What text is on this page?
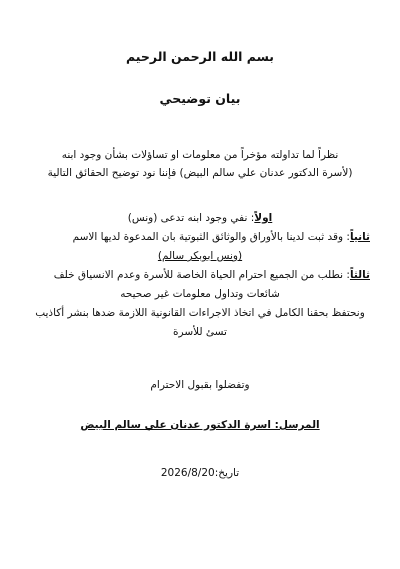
بسم الله الرحمن الرحيم
بيان توضيحي
نظراً لما تداولته مؤخراً من معلومات او تساؤلات بشأن وجود ابنه
(لأسرة الدكتور عدنان علي سالم البيض) فإننا نود توضيح الحقائق التالية
اولاً: نفي وجود ابنه تدعى (ونس)
ثانياً: وقد ثبت لدينا بالأوراق والوثائق الثبوتية بان المدعوة لديها الاسم
(ونس ابوبكر سالم)
ثالثاً: نطلب من الجميع احترام الحياة الخاصة للأسرة وعدم الانسياق خلف
شائعات وتداول معلومات غير صحيحه
ونحتفظ بحقنا الكامل في اتخاذ الاجراءات القانونية اللازمة ضدها بنشر أكاذيب
تسئ للأسرة
وتفضلوا بقبول الاحترام
المرسل: اسرة الدكتور عدنان علي سالم البيض
تاريخ:2026/8/20
